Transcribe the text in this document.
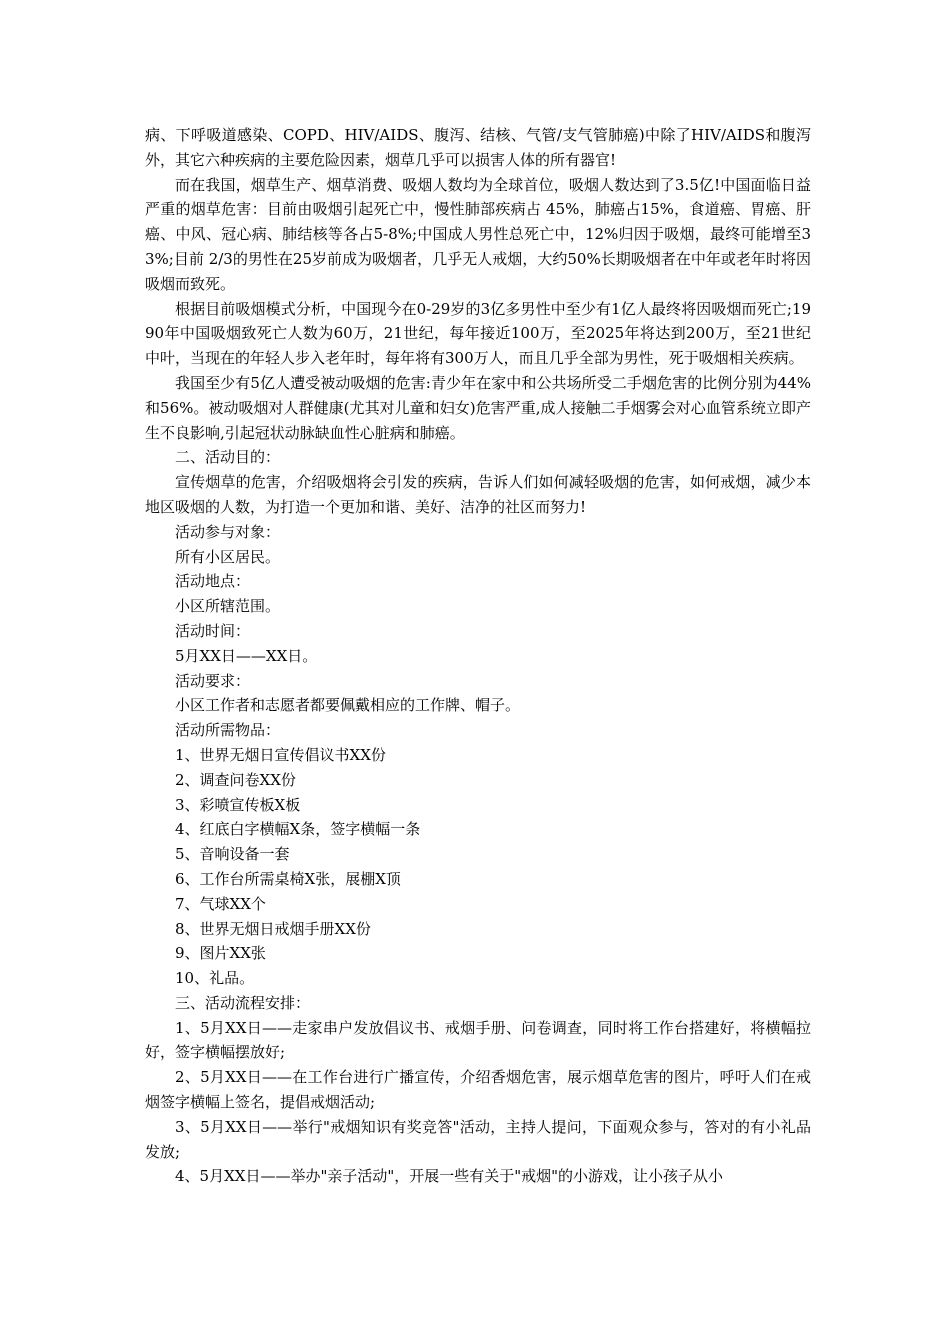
病、下呼吸道感染、COPD、HIV/AIDS、腹泻、结核、气管/支气管肺癌)中除了HIV/AIDS和腹泻外，其它六种疾病的主要危险因素，烟草几乎可以损害人体的所有器官!
而在我国，烟草生产、烟草消费、吸烟人数均为全球首位，吸烟人数达到了3.5亿!中国面临日益严重的烟草危害：目前由吸烟引起死亡中，慢性肺部疾病占 45%，肺癌占15%，食道癌、胃癌、肝癌、中风、冠心病、肺结核等各占5-8%;中国成人男性总死亡中，12%归因于吸烟，最终可能增至33%;目前 2/3的男性在25岁前成为吸烟者，几乎无人戒烟，大约50%长期吸烟者在中年或老年时将因吸烟而致死。
根据目前吸烟模式分析，中国现今在0-29岁的3亿多男性中至少有1亿人最终将因吸烟而死亡;1990年中国吸烟致死亡人数为60万，21世纪，每年接近100万，至2025年将达到200万，至21世纪中叶，当现在的年轻人步入老年时，每年将有300万人，而且几乎全部为男性，死于吸烟相关疾病。
我国至少有5亿人遭受被动吸烟的危害:青少年在家中和公共场所受二手烟危害的比例分别为44%和56%。被动吸烟对人群健康(尤其对儿童和妇女)危害严重,成人接触二手烟雾会对心血管系统立即产生不良影响,引起冠状动脉缺血性心脏病和肺癌。
二、活动目的：
宣传烟草的危害，介绍吸烟将会引发的疾病，告诉人们如何减轻吸烟的危害，如何戒烟，减少本地区吸烟的人数，为打造一个更加和谐、美好、洁净的社区而努力!
活动参与对象：
所有小区居民。
活动地点：
小区所辖范围。
活动时间：
5月XX日——XX日。
活动要求：
小区工作者和志愿者都要佩戴相应的工作牌、帽子。
活动所需物品：
1、世界无烟日宣传倡议书XX份
2、调查问卷XX份
3、彩喷宣传板X板
4、红底白字横幅X条，签字横幅一条
5、音响设备一套
6、工作台所需桌椅X张，展棚X顶
7、气球XX个
8、世界无烟日戒烟手册XX份
9、图片XX张
10、礼品。
三、活动流程安排：
1、5月XX日——走家串户发放倡议书、戒烟手册、问卷调查，同时将工作台搭建好，将横幅拉好，签字横幅摆放好;
2、5月XX日——在工作台进行广播宣传，介绍香烟危害，展示烟草危害的图片，呼吁人们在戒烟签字横幅上签名，提倡戒烟活动;
3、5月XX日——举行"戒烟知识有奖竞答"活动，主持人提问，下面观众参与，答对的有小礼品发放;
4、5月XX日——举办"亲子活动"，开展一些有关于"戒烟"的小游戏，让小孩子从小
